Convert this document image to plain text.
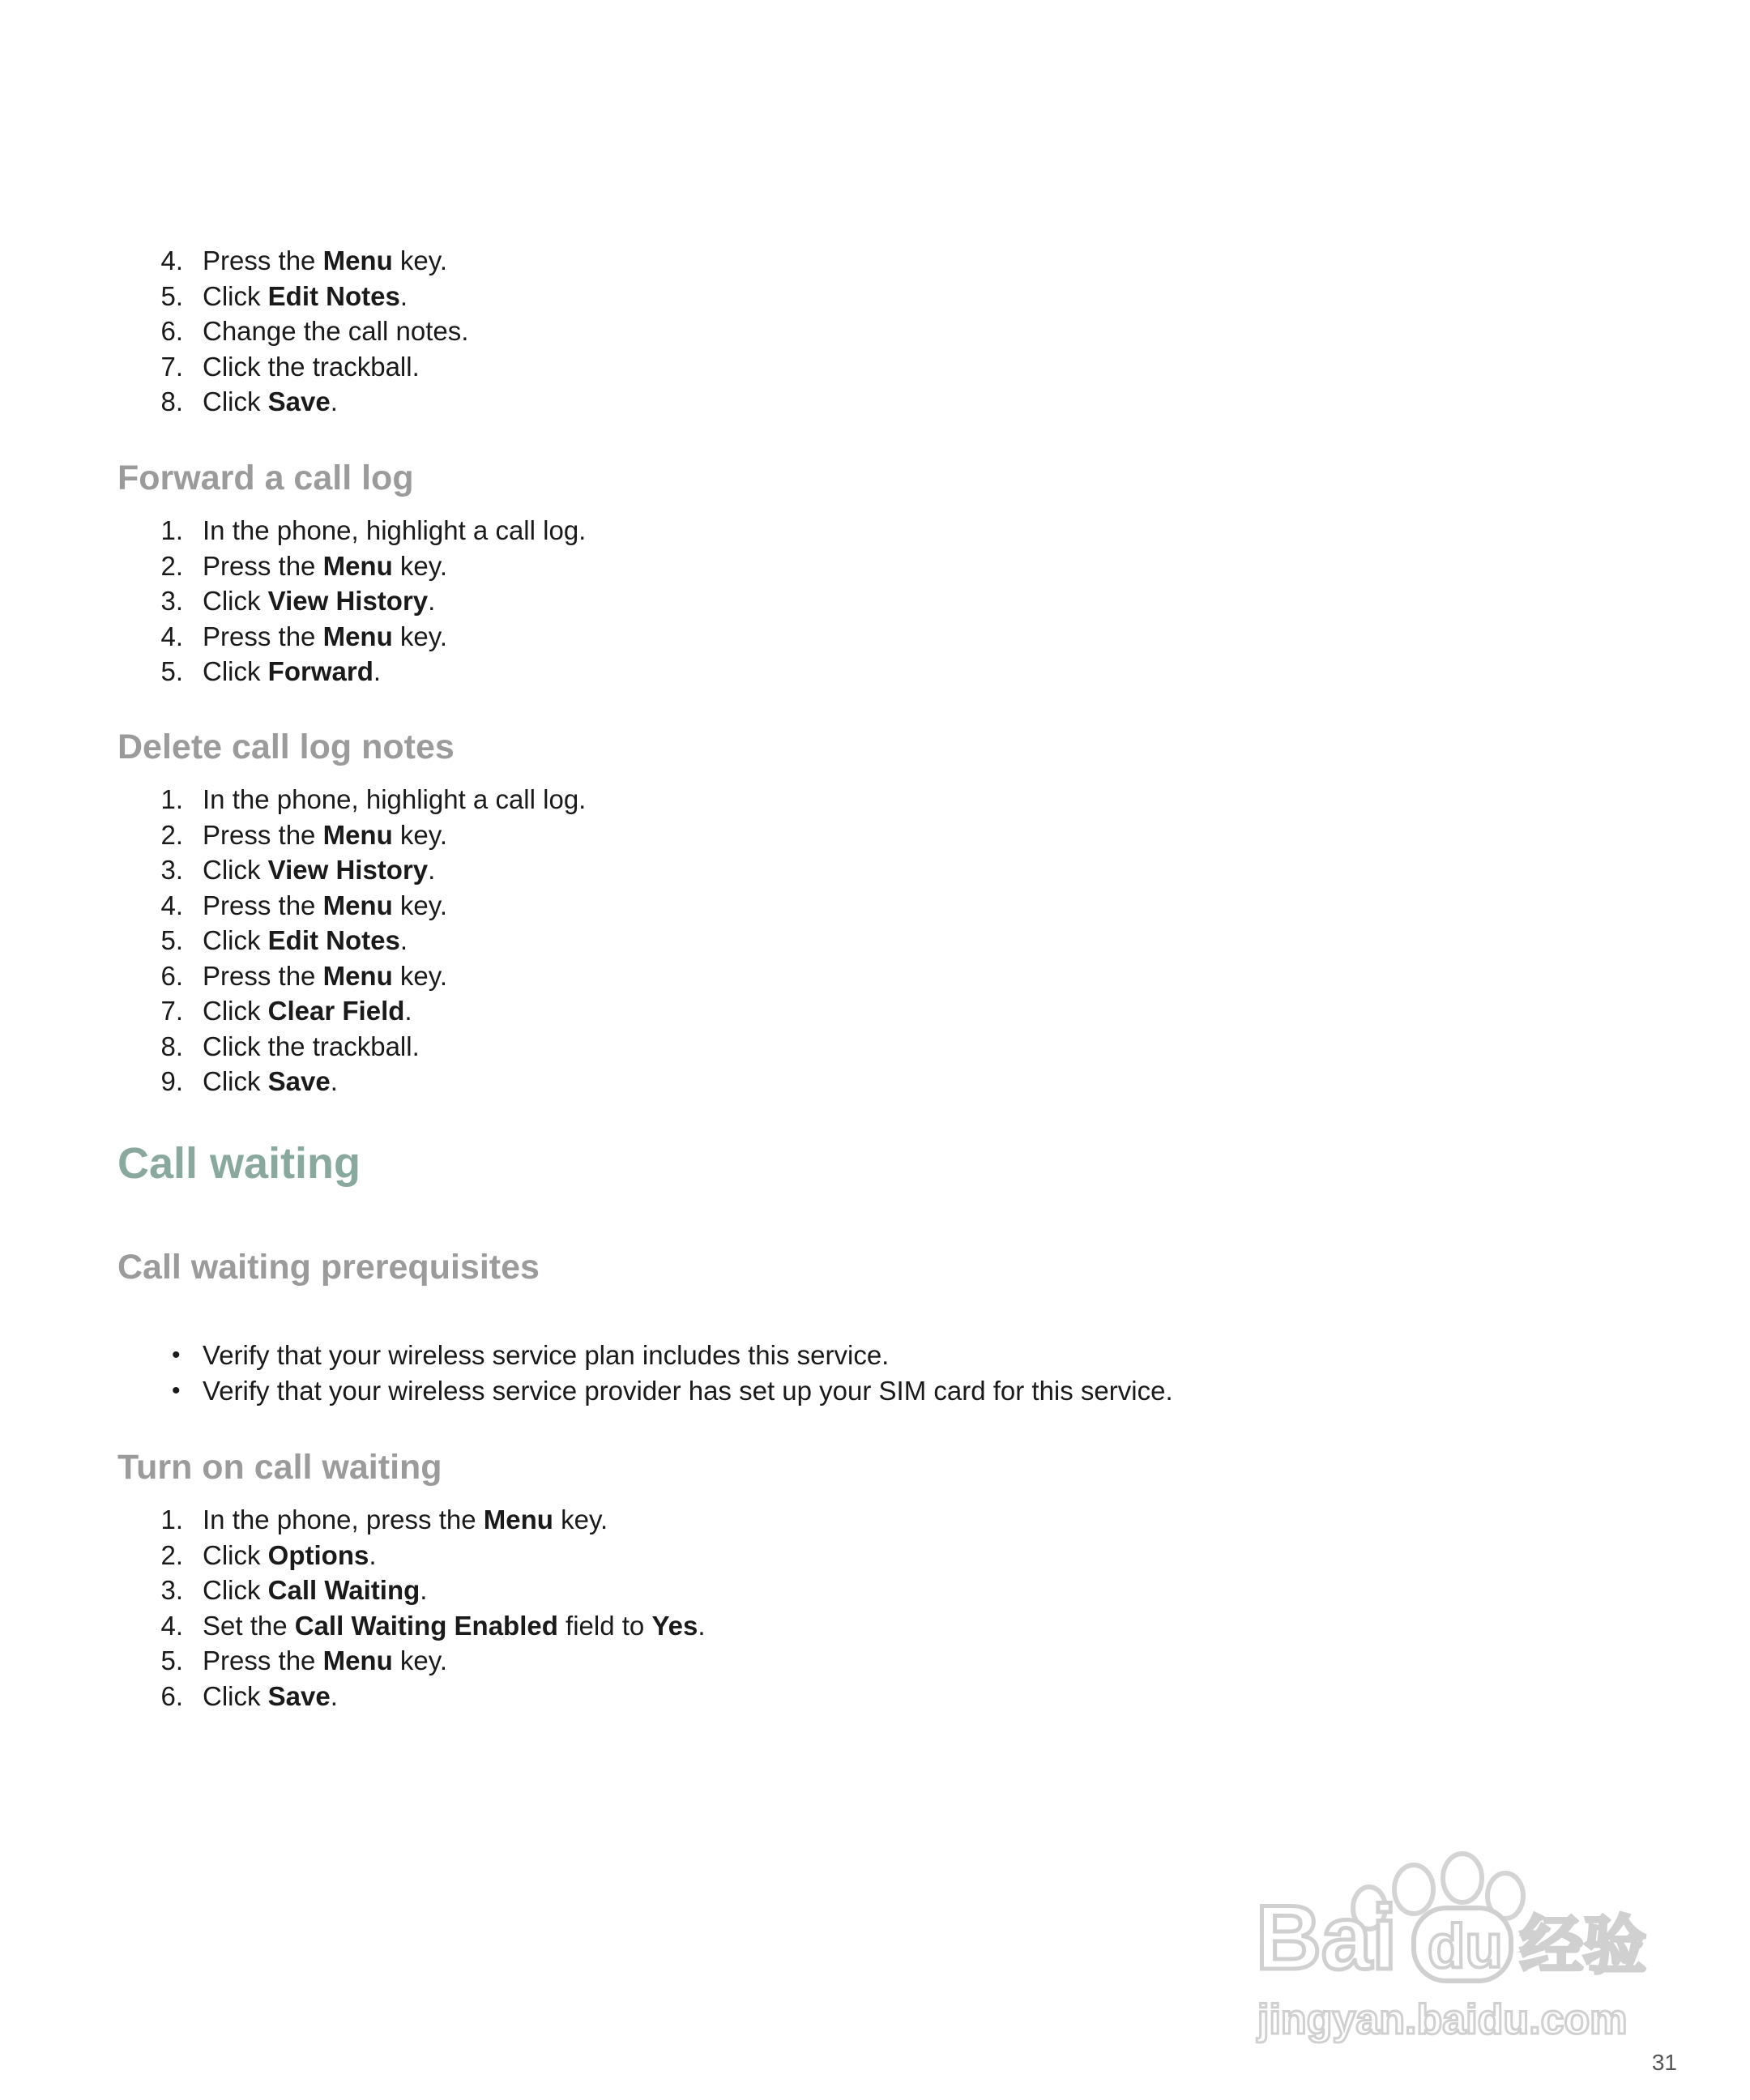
4 . Press the Menu key.
5 . Click Edit Notes.
6 . Change the call notes.
7 . Click the trackball.
8 . Click Save.
Forward a call log
1 . In the phone, highlight a call log.
2 . Press the Menu key.
3 . Click View History.
4 . Press the Menu key.
5 . Click Forward.
Delete call log notes
1 . In the phone, highlight a call log.
2 . Press the Menu key.
3 . Click View History.
4 . Press the Menu key.
5 . Click Edit Notes.
6 . Press the Menu key.
7 . Click Clear Field.
8 . Click the trackball.
9 . Click Save.
Call waiting
Call waiting prerequisites
• Verify that your wireless service plan includes this service.
• Verify that your wireless service provider has set up your SIM card for this service.
Turn on call waiting
1 . In the phone, press the Menu key.
2 . Click Options.
3 . Click Call Waiting.
4 . Set the Call Waiting Enabled field to Yes.
5 . Press the Menu key.
6 . Click Save.
Bai du 经验
jingyan.baidu.com
31
